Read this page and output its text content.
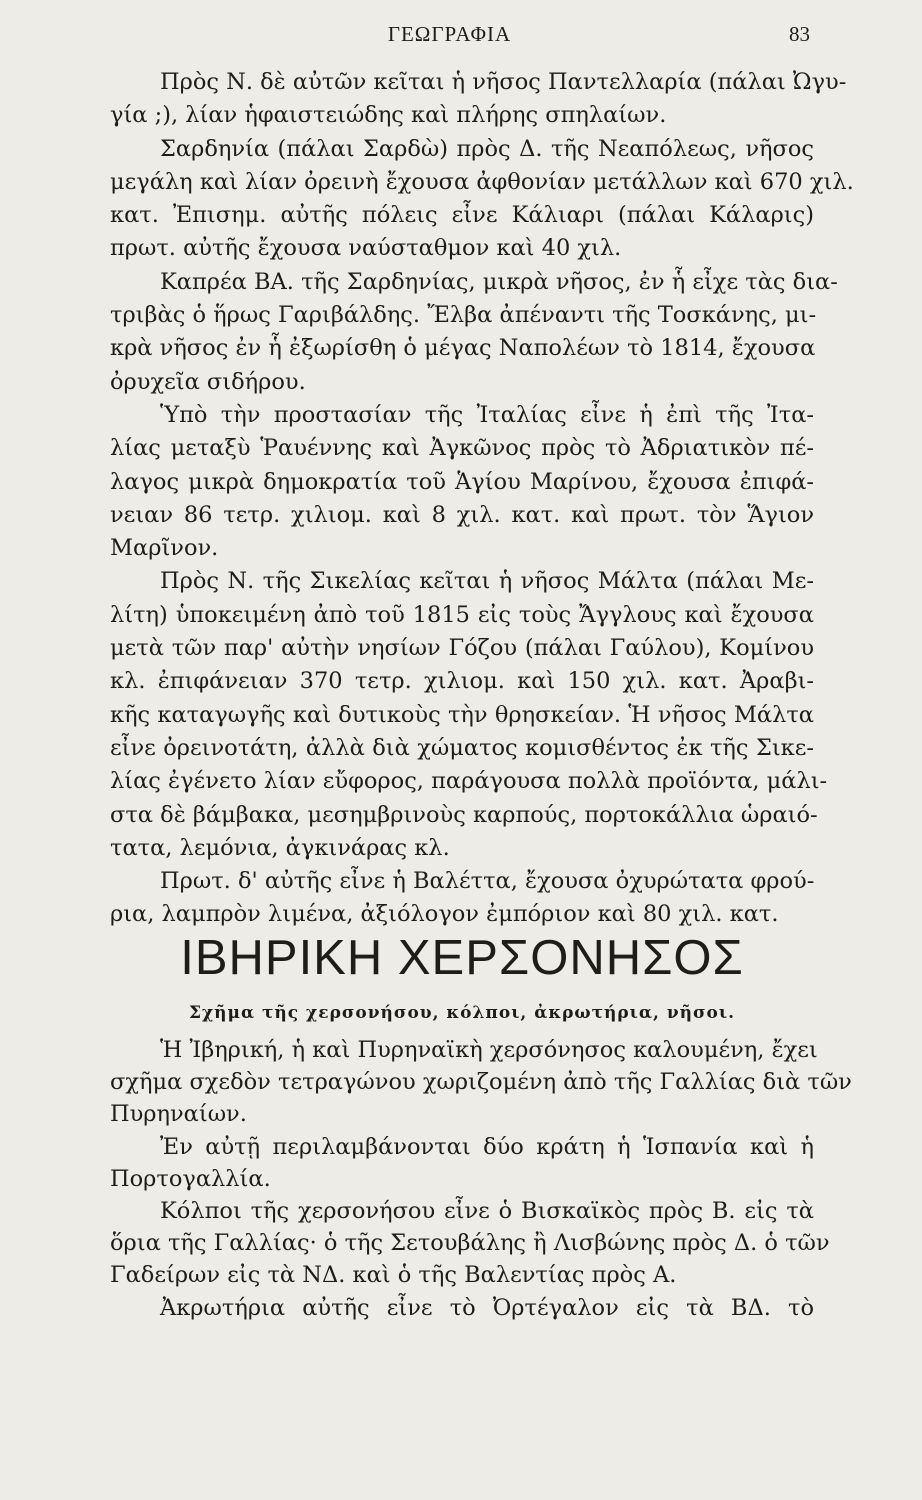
ΓΕΩΓΡΑΦΙΑ	83
Πρὸς Ν. δὲ αὐτῶν κεῖται ἡ νῆσος Παντελλαρία (πάλαι Ὠγυ-
γία ;), λίαν ἡφαιστειώδης καὶ πλήρης σπηλαίων.
Σαρδηνία (πάλαι Σαρδὼ) πρὸς Δ. τῆς Νεαπόλεως, νῆσος
μεγάλη καὶ λίαν ὀρεινὴ ἔχουσα ἀφθονίαν μετάλλων καὶ 670 χιλ.
κατ. Ἐπισημ. αὐτῆς πόλεις εἶνε Κάλιαρι (πάλαι Κάλαρις)
πρωτ. αὐτῆς ἔχουσα ναύσταθμον καὶ 40 χιλ.
Καπρέα ΒΑ. τῆς Σαρδηνίας, μικρὰ νῆσος, ἐν ἧ εἶχε τὰς δια-
τριβὰς ὁ ἥρως Γαριβάλδης. Ἔλβα ἀπέναντι τῆς Τοσκάνης, μι-
κρὰ νῆσος ἐν ἧ ἐξωρίσθη ὁ μέγας Ναπολέων τὸ 1814, ἔχουσα
ὀρυχεῖα σιδήρου.
Ὑπὸ τὴν προστασίαν τῆς Ἰταλίας εἶνε ἡ ἐπὶ τῆς Ἰτα-
λίας μεταξὺ Ῥαυέννης καὶ Ἀγκῶνος πρὸς τὸ Ἀδριατικὸν πέ-
λαγος μικρὰ δημοκρατία τοῦ Ἁγίου Μαρίνου, ἔχουσα ἐπιφά-
νειαν 86 τετρ. χιλιομ. καὶ 8 χιλ. κατ. καὶ πρωτ. τὸν Ἅγιον
Μαρῖνον.
Πρὸς Ν. τῆς Σικελίας κεῖται ἡ νῆσος Μάλτα (πάλαι Με-
λίτη) ὑποκειμένη ἀπὸ τοῦ 1815 εἰς τοὺς Ἄγγλους καὶ ἔχουσα
μετὰ τῶν παρ' αὐτὴν νησίων Γόζου (πάλαι Γαύλου), Κομίνου
κλ. ἐπιφάνειαν 370 τετρ. χιλιομ. καὶ 150 χιλ. κατ. Ἀραβι-
κῆς καταγωγῆς καὶ δυτικοὺς τὴν θρησκείαν. Ἡ νῆσος Μάλτα
εἶνε ὀρεινοτάτη, ἀλλὰ διὰ χώματος κομισθέντος ἐκ τῆς Σικε-
λίας ἐγένετο λίαν εὔφορος, παράγουσα πολλὰ προϊόντα, μάλι-
στα δὲ βάμβακα, μεσημβρινοὺς καρπούς, πορτοκάλλια ὡραιό-
τατα, λεμόνια, ἀγκινάρας κλ.
Πρωτ. δ' αὐτῆς εἶνε ἡ Βαλέττα, ἔχουσα ὀχυρώτατα φρού-
ρια, λαμπρὸν λιμένα, ἀξιόλογον ἐμπόριον καὶ 80 χιλ. κατ.
ΙΒΗΡΙΚΗ ΧΕΡΣΟΝΗΣΟΣ
Σχῆμα τῆς χερσονήσου, κόλποι, ἀκρωτήρια, νῆσοι.
Ἡ Ἰβηρική, ἡ καὶ Πυρηναϊκὴ χερσόνησος καλουμένη, ἔχει
σχῆμα σχεδὸν τετραγώνου χωριζομένη ἀπὸ τῆς Γαλλίας διὰ τῶν
Πυρηναίων.
Ἐν αὐτῇ περιλαμβάνονται δύο κράτη ἡ Ἱσπανία καὶ ἡ
Πορτογαλλία.
Κόλποι τῆς χερσονήσου εἶνε ὁ Βισκαϊκὸς πρὸς Β. εἰς τὰ
ὅρια τῆς Γαλλίας· ὁ τῆς Σετουβάλης ἢ Λισβώνης πρὸς Δ. ὁ τῶν
Γαδείρων εἰς τὰ ΝΔ. καὶ ὁ τῆς Βαλεντίας πρὸς Α.
Ἀκρωτήρια αὐτῆς εἶνε τὸ Ὀρτέγαλον εἰς τὰ ΒΔ. τὸ
